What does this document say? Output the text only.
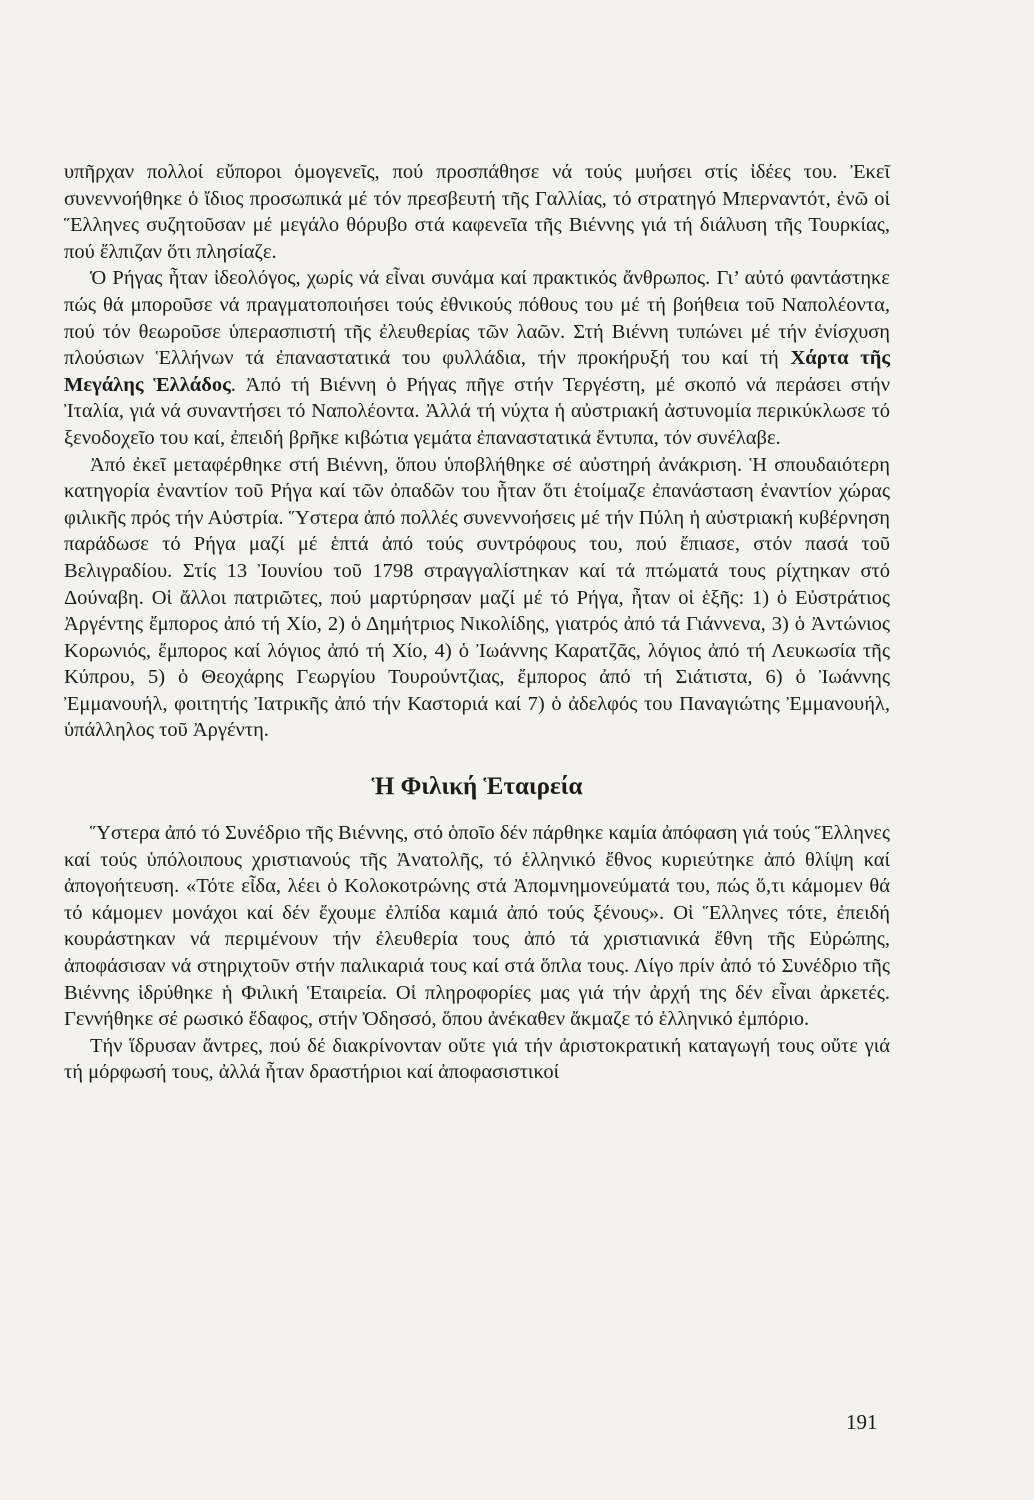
υπῆρχαν πολλοί εὔποροι ὁμογενεῖς, πού προσπάθησε νά τούς μυήσει στίς ἰδέες του. Ἐκεῖ συνεννοήθηκε ὁ ἴδιος προσωπικά μέ τόν πρεσβευτή τῆς Γαλλίας, τό στρατηγό Μπερναντότ, ἐνῶ οἱ Ἕλληνες συζητοῦσαν μέ μεγάλο θόρυβο στά καφενεῖα τῆς Βιέννης γιά τή διάλυση τῆς Τουρκίας, πού ἔλπιζαν ὅτι πλησίαζε.

Ὁ Ρήγας ἦταν ἰδεολόγος, χωρίς νά εἶναι συνάμα καί πρακτικός ἄνθρωπος. Γι’ αὐτό φαντάστηκε πώς θά μποροῦσε νά πραγματοποιήσει τούς ἐθνικούς πόθους του μέ τή βοήθεια τοῦ Ναπολέοντα, πού τόν θεωροῦσε ὑπερασπιστή τῆς ἐλευθερίας τῶν λαῶν. Στή Βιέννη τυπώνει μέ τήν ἐνίσχυση πλούσιων Ἑλλήνων τά ἐπαναστατικά του φυλλάδια, τήν προκήρυξή του καί τή Χάρτα τῆς Μεγάλης Ἑλλάδος. Ἀπό τή Βιέννη ὁ Ρήγας πῆγε στήν Τεργέστη, μέ σκοπό νά περάσει στήν Ἰταλία, γιά νά συναντήσει τό Ναπολέοντα. Ἀλλά τή νύχτα ἡ αὐστριακή ἀστυνομία περικύκλωσε τό ξενοδοχεῖο του καί, ἐπειδή βρῆκε κιβώτια γεμάτα ἐπαναστατικά ἔντυπα, τόν συνέλαβε.

Ἀπό ἐκεῖ μεταφέρθηκε στή Βιέννη, ὅπου ὑποβλήθηκε σέ αὐστηρή ἀνάκριση. Ἡ σπουδαιότερη κατηγορία ἐναντίον τοῦ Ρήγα καί τῶν ὀπαδῶν του ἦταν ὅτι ἑτοίμαζε ἐπανάσταση ἐναντίον χώρας φιλικῆς πρός τήν Αὐστρία. Ὕστερα ἀπό πολλές συνεννοήσεις μέ τήν Πύλη ἡ αὐστριακή κυβέρνηση παράδωσε τό Ρήγα μαζί μέ ἑπτά ἀπό τούς συντρόφους του, πού ἔπιασε, στόν πασά τοῦ Βελιγραδίου. Στίς 13 Ἰουνίου τοῦ 1798 στραγγαλίστηκαν καί τά πτώματά τους ρίχτηκαν στό Δούναβη. Οἱ ἄλλοι πατριῶτες, πού μαρτύρησαν μαζί μέ τό Ρήγα, ἦταν οἱ ἑξῆς: 1) ὁ Εὐστράτιος Ἀργέντης ἔμπορος ἀπό τή Χίο, 2) ὁ Δημήτριος Νικολίδης, γιατρός ἀπό τά Γιάννενα, 3) ὁ Ἀντώνιος Κορωνιός, ἔμπορος καί λόγιος ἀπό τή Χίο, 4) ὁ Ἰωάννης Καρατζᾶς, λόγιος ἀπό τή Λευκωσία τῆς Κύπρου, 5) ὁ Θεοχάρης Γεωργίου Τουρούντζιας, ἔμπορος ἀπό τή Σιάτιστα, 6) ὁ Ἰωάννης Ἐμμανουήλ, φοιτητής Ἰατρικῆς ἀπό τήν Καστοριά καί 7) ὁ ἀδελφός του Παναγιώτης Ἐμμανουήλ, ὑπάλληλος τοῦ Ἀργέντη.

Ἡ Φιλική Ἑταιρεία

Ὕστερα ἀπό τό Συνέδριο τῆς Βιέννης, στό ὁποῖο δέν πάρθηκε καμία ἀπόφαση γιά τούς Ἕλληνες καί τούς ὑπόλοιπους χριστιανούς τῆς Ἀνατολῆς, τό ἑλληνικό ἔθνος κυριεύτηκε ἀπό θλίψη καί ἀπογοήτευση. «Τότε εἶδα, λέει ὁ Κολοκοτρώνης στά Ἀπομνημονεύματά του, πώς ὅ,τι κάμομεν θά τό κάμομεν μονάχοι καί δέν ἔχουμε ἐλπίδα καμιά ἀπό τούς ξένους». Οἱ Ἕλληνες τότε, ἐπειδή κουράστηκαν νά περιμένουν τήν ἐλευθερία τους ἀπό τά χριστιανικά ἔθνη τῆς Εὐρώπης, ἀποφάσισαν νά στηριχτοῦν στήν παλικαριά τους καί στά ὅπλα τους. Λίγο πρίν ἀπό τό Συνέδριο τῆς Βιέννης ἱδρύθηκε ἡ Φιλική Ἑταιρεία. Οἱ πληροφορίες μας γιά τήν ἀρχή της δέν εἶναι ἀρκετές. Γεννήθηκε σέ ρωσικό ἔδαφος, στήν Ὀδησσό, ὅπου ἀνέκαθεν ἄκμαζε τό ἑλληνικό ἐμπόριο.

Τήν ἵδρυσαν ἄντρες, πού δέ διακρίνονταν οὔτε γιά τήν ἀριστοκρατική καταγωγή τους οὔτε γιά τή μόρφωσή τους, ἀλλά ἦταν δραστήριοι καί ἀποφασιστικοί

191
